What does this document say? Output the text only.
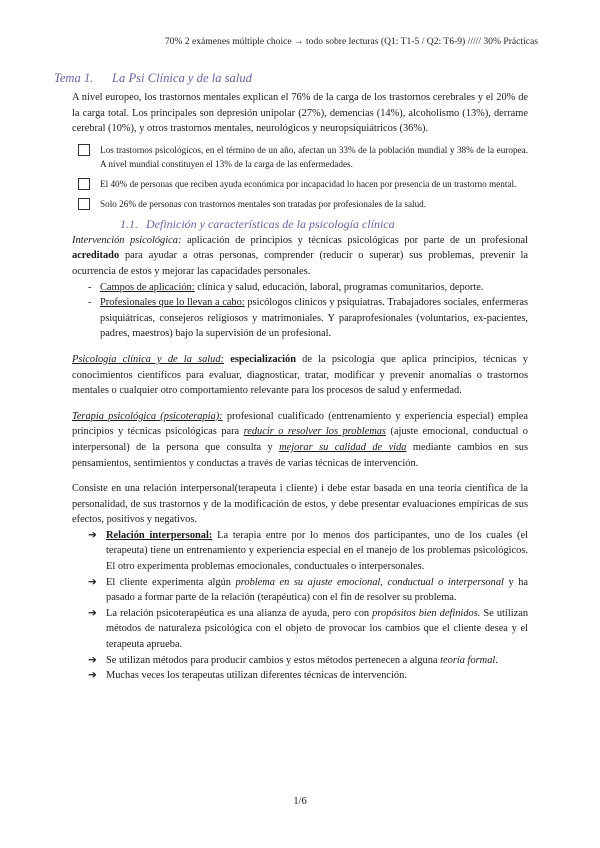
70% 2 exámenes múltiple choice → todo sobre lecturas (Q1: T1-5 / Q2: T6-9) ///// 30% Prácticas
Tema 1. La Psi Clínica y de la salud

A nivel europeo, los trastornos mentales explican el 76% de la carga de los trastornos cerebrales y el 20% de la carga total. Los principales son depresión unipolar (27%), demencias (14%), alcoholismo (13%), derrame cerebral (10%), y otros trastornos mentales, neurológicos y neuropsiquiátricos (36%).

Los trastornos psicológicos, en el término de un año, afectan un 33% de la población mundial y 38% de la europea. A nivel mundial constituyen el 13% de la carga de las enfermedades.
El 40% de personas que reciben ayuda económica por incapacidad lo hacen por presencia de un trastorno mental.
Solo 26% de personas con trastornos mentales son tratadas por profesionales de la salud.
1.1. Definición y características de la psicología clínica

Intervención psicológica: aplicación de principios y técnicas psicológicas por parte de un profesional acreditado para ayudar a otras personas, comprender (reducir o superar) sus problemas, prevenir la ocurrencia de estos y mejorar las capacidades personales.

- Campos de aplicación: clínica y salud, educación, laboral, programas comunitarios, deporte.
- Profesionales que lo llevan a cabo: psicólogos clínicos y psiquiatras. Trabajadores sociales, enfermeras psiquiátricas, consejeros religiosos y matrimoniales. Y paraprofesionales (voluntarios, ex-pacientes, padres, maestros) bajo la supervisión de un profesional.

Psicología clínica y de la salud: especialización de la psicología que aplica principios, técnicas y conocimientos científicos para evaluar, diagnosticar, tratar, modificar y prevenir anomalías o trastornos mentales o cualquier otro comportamiento relevante para los procesos de salud y enfermedad.

Terapia psicológica (psicoterapia): profesional cualificado (entrenamiento y experiencia especial) emplea principios y técnicas psicológicas para reducir o resolver los problemas (ajuste emocional, conductual o interpersonal) de la persona que consulta y mejorar su calidad de vida mediante cambios en sus pensamientos, sentimientos y conductas a través de varias técnicas de intervención.

Consiste en una relación interpersonal(terapeuta i cliente) i debe estar basada en una teoría científica de la personalidad, de sus trastornos y de la modificación de estos, y debe presentar evaluaciones empíricas de sus efectos, positivos y negativos.

➔ Relación interpersonal: La terapia entre por lo menos dos participantes, uno de los cuales (el terapeuta) tiene un entrenamiento y experiencia especial en el manejo de los problemas psicológicos. El otro experimenta problemas emocionales, conductuales o interpersonales.
➔ El cliente experimenta algún problema en su ajuste emocional, conductual o interpersonal y ha pasado a formar parte de la relación (terapéutica) con el fin de resolver su problema.
➔ La relación psicoterapéutica es una alianza de ayuda, pero con propósitos bien definidos. Se utilizan métodos de naturaleza psicológica con el objeto de provocar los cambios que el cliente desea y el terapeuta aprueba.
➔ Se utilizan métodos para producir cambios y estos métodos pertenecen a alguna teoría formal.
➔ Muchas veces los terapeutas utilizan diferentes técnicas de intervención.
1/6
